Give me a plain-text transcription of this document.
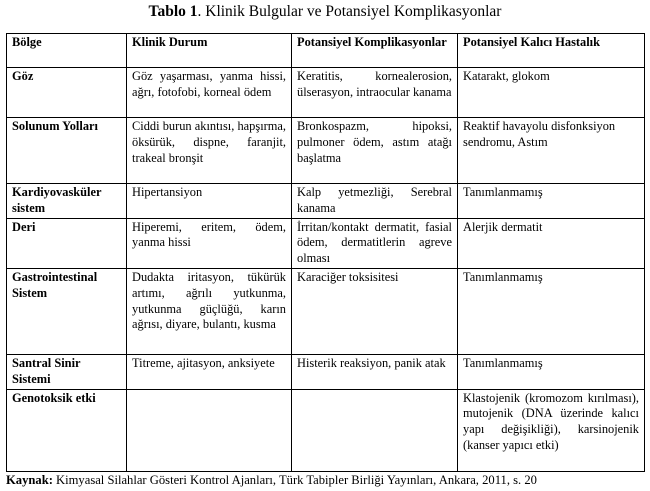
Tablo 1. Klinik Bulgular ve Potansiyel Komplikasyonlar
Bölge	Klinik Durum	Potansiyel Komplikasyonlar	Potansiyel Kalıcı Hastalık
Göz	Göz yaşarması, yanma hissi, ağrı, fotofobi, korneal ödem	Keratitis, kornealerosion, ülserasyon, intraocular kanama	Katarakt, glokom
Solunum Yolları	Ciddi burun akıntısı, hapşırma, öksürük, dispne, faranjit, trakeal bronşit	Bronkospazm, hipoksi, pulmoner ödem, astım atağı başlatma	Reaktif havayolu disfonksiyon sendromu, Astım
Kardiyovasküler sistem	Hipertansiyon	Kalp yetmezliği, Serebral kanama	Tanımlanmamış
Deri	Hiperemi, eritem, ödem, yanma hissi	İrritan/kontakt dermatit, fasial ödem, dermatitlerin agreve olması	Alerjik dermatit
Gastrointestinal Sistem	Dudakta iritasyon, tükürük artımı, ağrılı yutkunma, yutkunma güçlüğü, karın ağrısı, diyare, bulantı, kusma	Karaciğer toksisitesi	Tanımlanmamış
Santral Sinir Sistemi	Titreme, ajitasyon, anksiyete	Histerik reaksiyon, panik atak	Tanımlanmamış
Genotoksik etki			Klastojenik (kromozom kırılması), mutojenik (DNA üzerinde kalıcı yapı değişikliği), karsinojenik (kanser yapıcı etki)
Kaynak: Kimyasal Silahlar Gösteri Kontrol Ajanları, Türk Tabipler Birliği Yayınları, Ankara, 2011, s. 20
